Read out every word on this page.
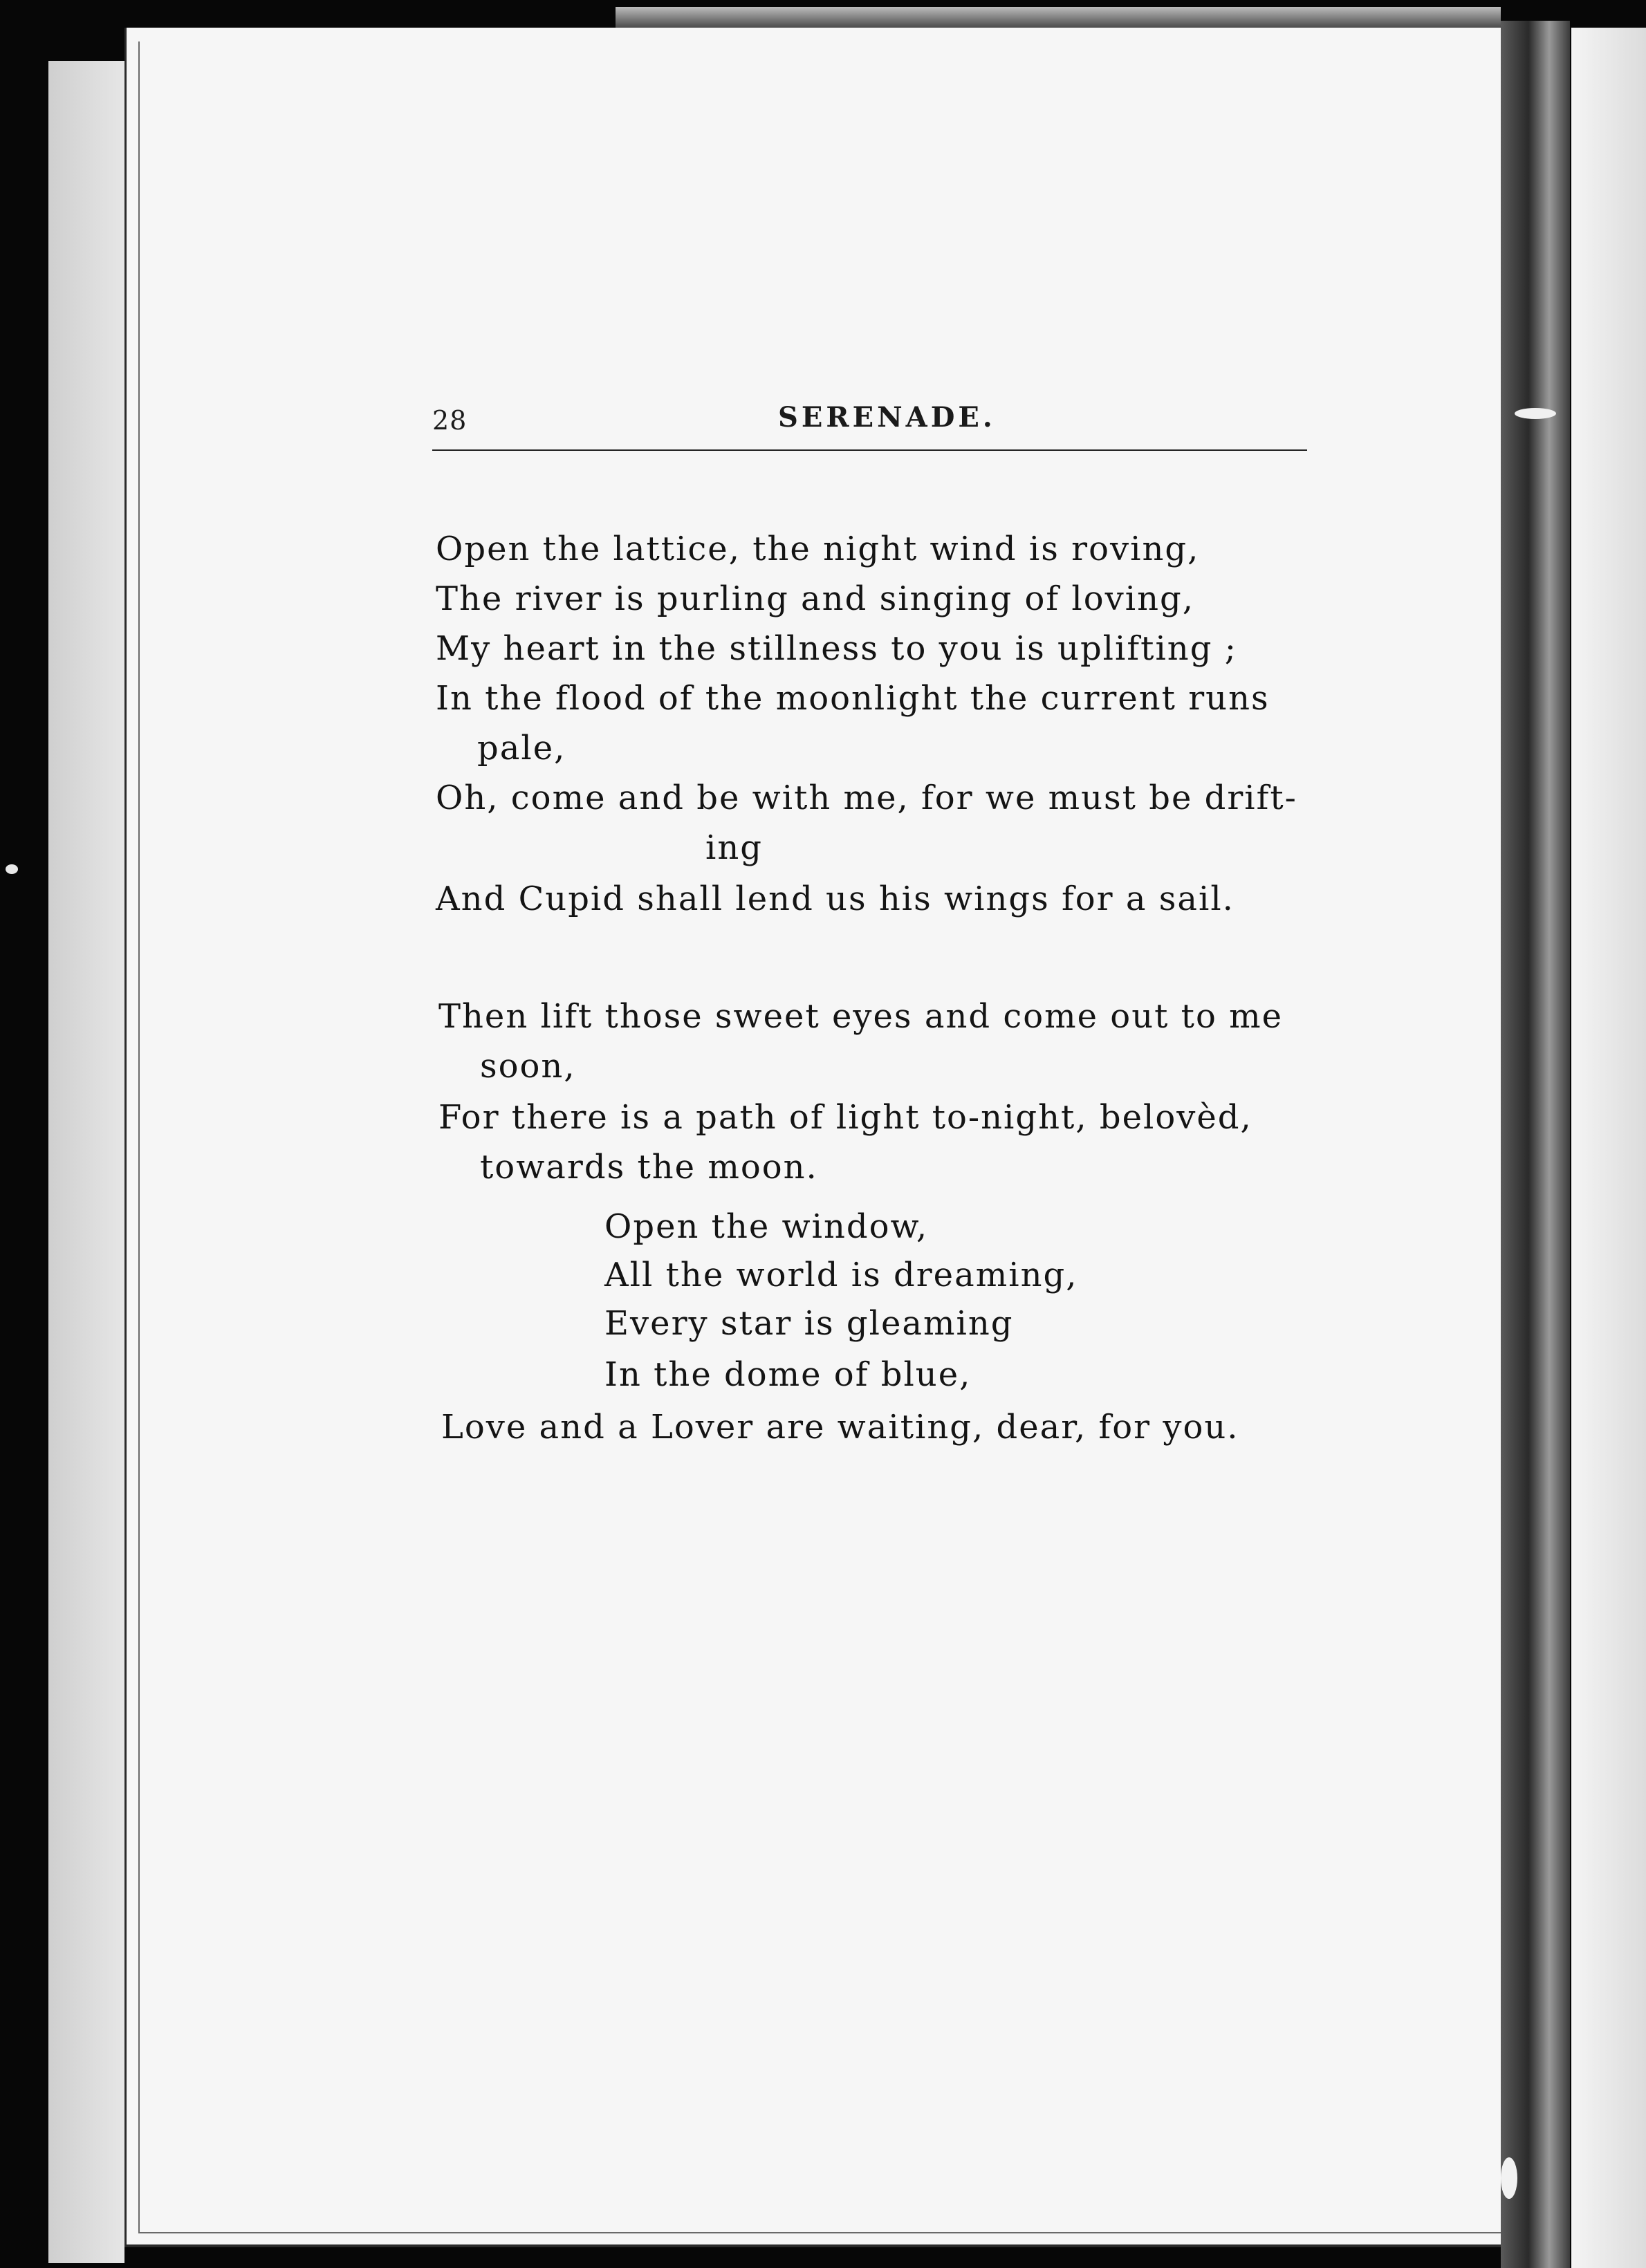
28	SERENADE.
Open the lattice, the night wind is roving,
The river is purling and singing of loving,
My heart in the stillness to you is uplifting ;
In the flood of the moonlight the current runs
pale,
Oh, come and be with me, for we must be drift-
ing
And Cupid shall lend us his wings for a sail.
Then lift those sweet eyes and come out to me
soon,
For there is a path of light to-night, belovèd,
towards the moon.
Open the window,
All the world is dreaming,
Every star is gleaming
In the dome of blue,
Love and a Lover are waiting, dear, for you.
